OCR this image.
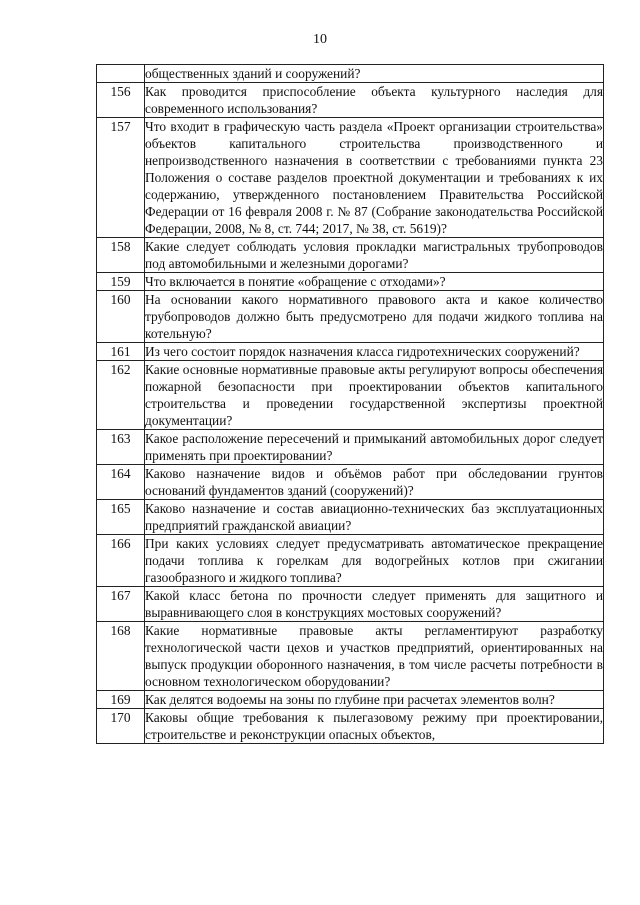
10
	общественных зданий и сооружений?
156	Как проводится приспособление объекта культурного наследия для современного использования?
157	Что входит в графическую часть раздела «Проект организации строительства» объектов капитального строительства производственного и непроизводственного назначения в соответствии с требованиями пункта 23 Положения о составе разделов проектной документации и требованиях к их содержанию, утвержденного постановлением Правительства Российской Федерации от 16 февраля 2008 г. № 87 (Собрание законодательства Российской Федерации, 2008, № 8, ст. 744; 2017, № 38, ст. 5619)?
158	Какие следует соблюдать условия прокладки магистральных трубопроводов под автомобильными и железными дорогами?
159	Что включается в понятие «обращение с отходами»?
160	На основании какого нормативного правового акта и какое количество трубопроводов должно быть предусмотрено для подачи жидкого топлива на котельную?
161	Из чего состоит порядок назначения класса гидротехнических сооружений?
162	Какие основные нормативные правовые акты регулируют вопросы обеспечения пожарной безопасности при проектировании объектов капитального строительства и проведении государственной экспертизы проектной документации?
163	Какое расположение пересечений и примыканий автомобильных дорог следует применять при проектировании?
164	Каково назначение видов и объёмов работ при обследовании грунтов оснований фундаментов зданий (сооружений)?
165	Каково назначение и состав авиационно-технических баз эксплуатационных предприятий гражданской авиации?
166	При каких условиях следует предусматривать автоматическое прекращение подачи топлива к горелкам для водогрейных котлов при сжигании газообразного и жидкого топлива?
167	Какой класс бетона по прочности следует применять для защитного и выравнивающего слоя в конструкциях мостовых сооружений?
168	Какие нормативные правовые акты регламентируют разработку технологической части цехов и участков предприятий, ориентированных на выпуск продукции оборонного назначения, в том числе расчеты потребности в основном технологическом оборудовании?
169	Как делятся водоемы на зоны по глубине при расчетах элементов волн?
170	Каковы общие требования к пылегазовому режиму при проектировании, строительстве и реконструкции опасных объектов,
